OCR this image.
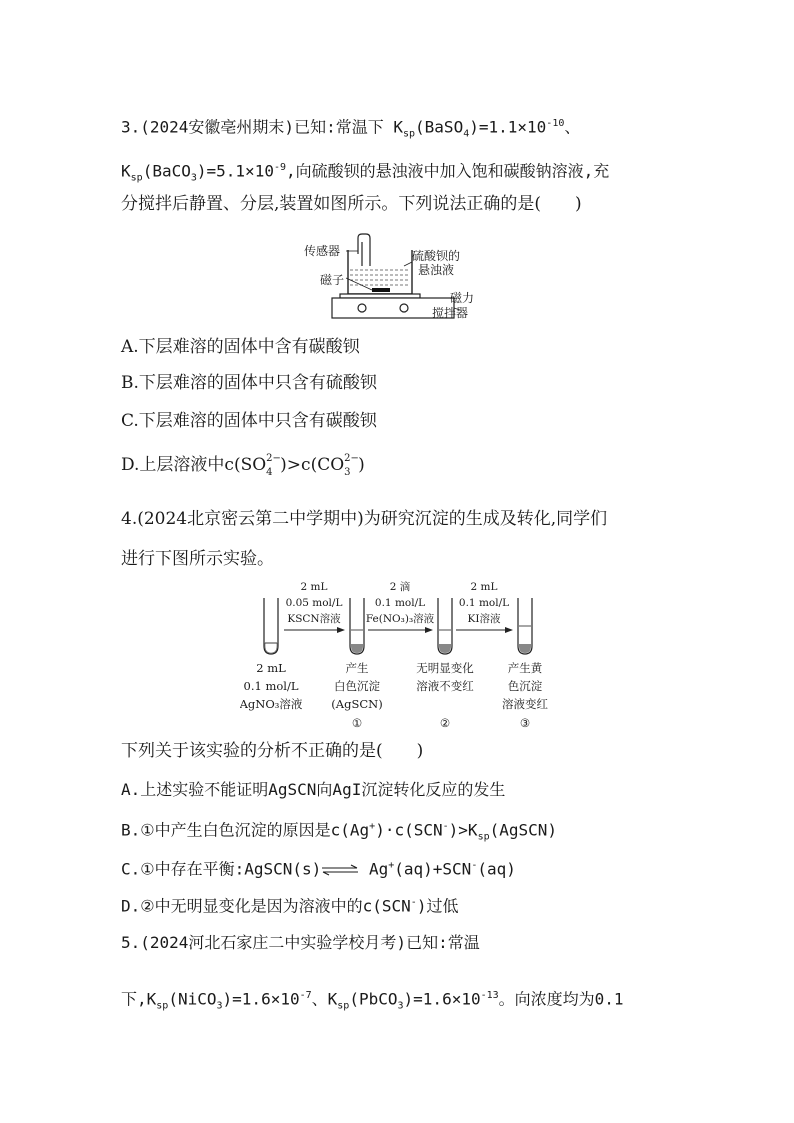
3.(2024安徽亳州期末)已知:常温下 $K_{sp}(BaSO_4)=1.1\times 10^{-10}$、
$K_{sp}(BaCO_3)=5.1\times 10^{-9}$,向硫酸钡的悬浊液中加入饱和碳酸钠溶液,充
分搅拌后静置、分层,装置如图所示。下列说法正确的是(　　)
传感器
磁子
硫酸钡的
悬浊液
磁力
搅拌器
A.下层难溶的固体中含有碳酸钡
B.下层难溶的固体中只含有硫酸钡
C.下层难溶的固体中只含有碳酸钡
D.上层溶液中c(SO 2−
4 )>c(CO 2−
3 )
4.(2024北京密云第二中学期中)为研究沉淀的生成及转化,同学们
进行下图所示实验。
2 mL
0.05 mol/L
KSCN溶液
2 滴
0.1 mol/L
Fe(NO₃)₃溶液
2 mL
0.1 mol/L
KI溶液
2 mL
0.1 mol/L
AgNO₃溶液
产生
白色沉淀
(AgSCN)
①
无明显变化
溶液不变红
②
产生黄
色沉淀
溶液变红
③
下列关于该实验的分析不正确的是(　　)
A.上述实验不能证明AgSCN向AgI沉淀转化反应的发生
B.①中产生白色沉淀的原因是$c(Ag^+)\cdot c(SCN^-)>K_{sp}(AgSCN)$
C.①中存在平衡:AgSCN(s)⇌ Ag+(aq)+SCN-(aq)
D.②中无明显变化是因为溶液中的c(SCN-)过低
5.(2024河北石家庄二中实验学校月考)已知:常温
下$,K_{sp}(NiCO_3)=1.6\times 10^{-7}$、$K_{sp}(PbCO_3)=1.6\times 10^{-13}$。向浓度均为0.1
